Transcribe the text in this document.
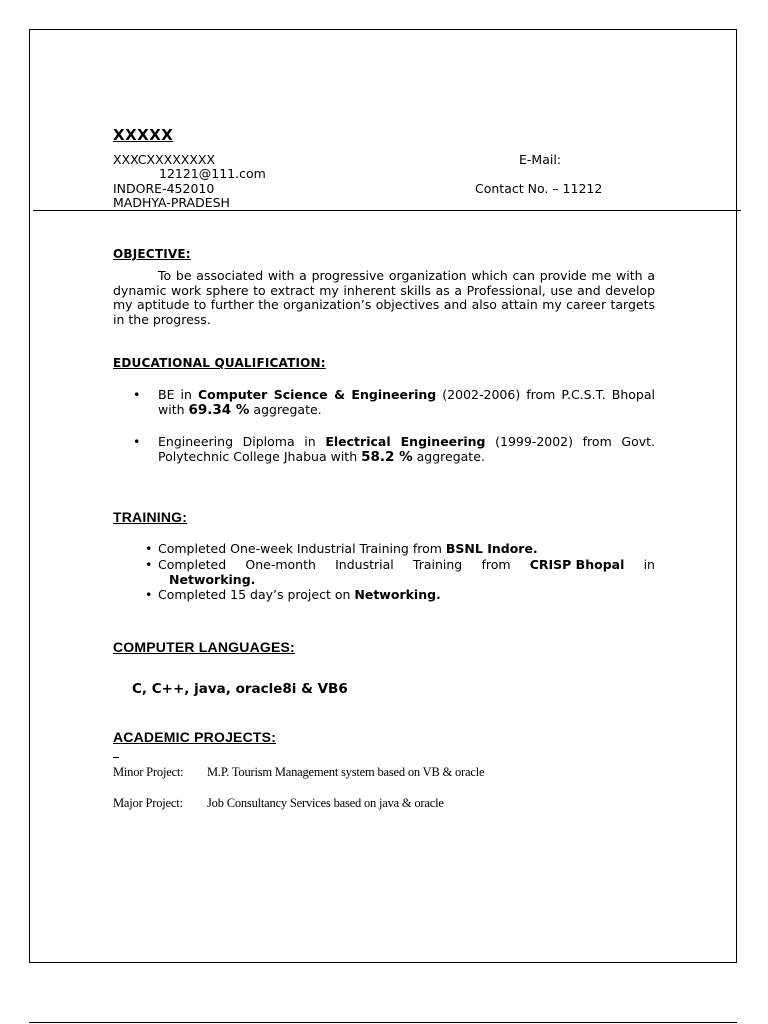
XXXXX
XXXCXXXXXXXX	E-Mail:
12121@111.com
INDORE-452010	Contact No. – 11212
MADHYA-PRADESH
OBJECTIVE:
To be associated with a progressive organization which can provide me with a dynamic work sphere to extract my inherent skills as a Professional, use and develop my aptitude to further the organization’s objectives and also attain my career targets in the progress.
EDUCATIONAL QUALIFICATION:
• BE in Computer Science & Engineering (2002-2006) from P.C.S.T. Bhopal with 69.34 % aggregate.
• Engineering Diploma in Electrical Engineering (1999-2002) from Govt. Polytechnic College Jhabua with 58.2 % aggregate.
TRAINING:
• Completed One-week Industrial Training from BSNL Indore.
• Completed One-month Industrial Training from CRISP Bhopal in
Networking.
• Completed 15 day’s project on Networking.
COMPUTER LANGUAGES:
C, C++, java, oracle8i & VB6
ACADEMIC PROJECTS:
Minor Project: M.P. Tourism Management system based on VB & oracle
Major Project: Job Consultancy Services based on java & oracle
